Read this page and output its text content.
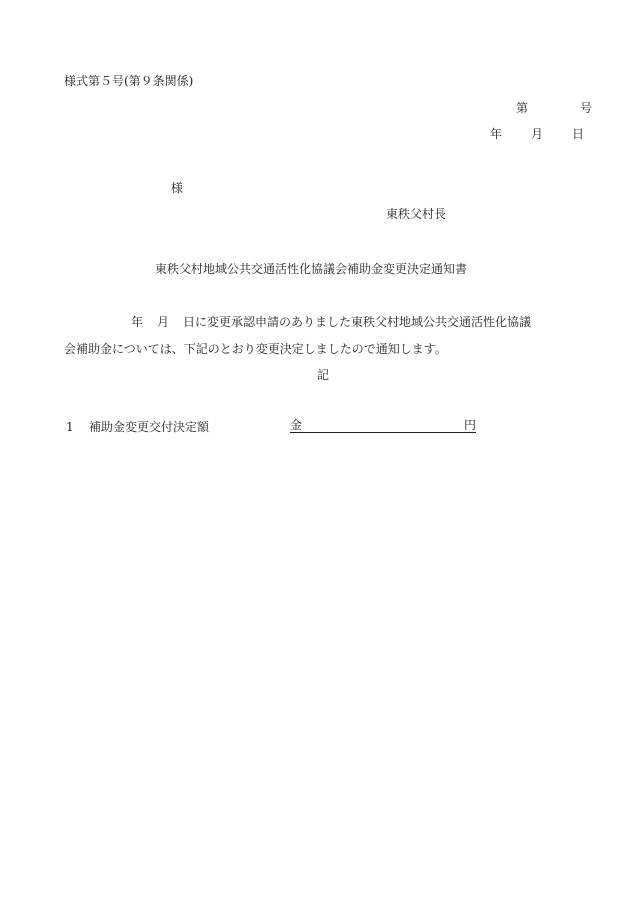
様式第５号(第９条関係)
第	号
年 月 日
様
東秩父村長
東秩父村地域公共交通活性化協議会補助金変更決定通知書
年 月 日に変更承認申請のありました東秩父村地域公共交通活性化協議
会補助金については、下記のとおり変更決定しましたので通知します。
記
1 補助金変更交付決定額	金	円
